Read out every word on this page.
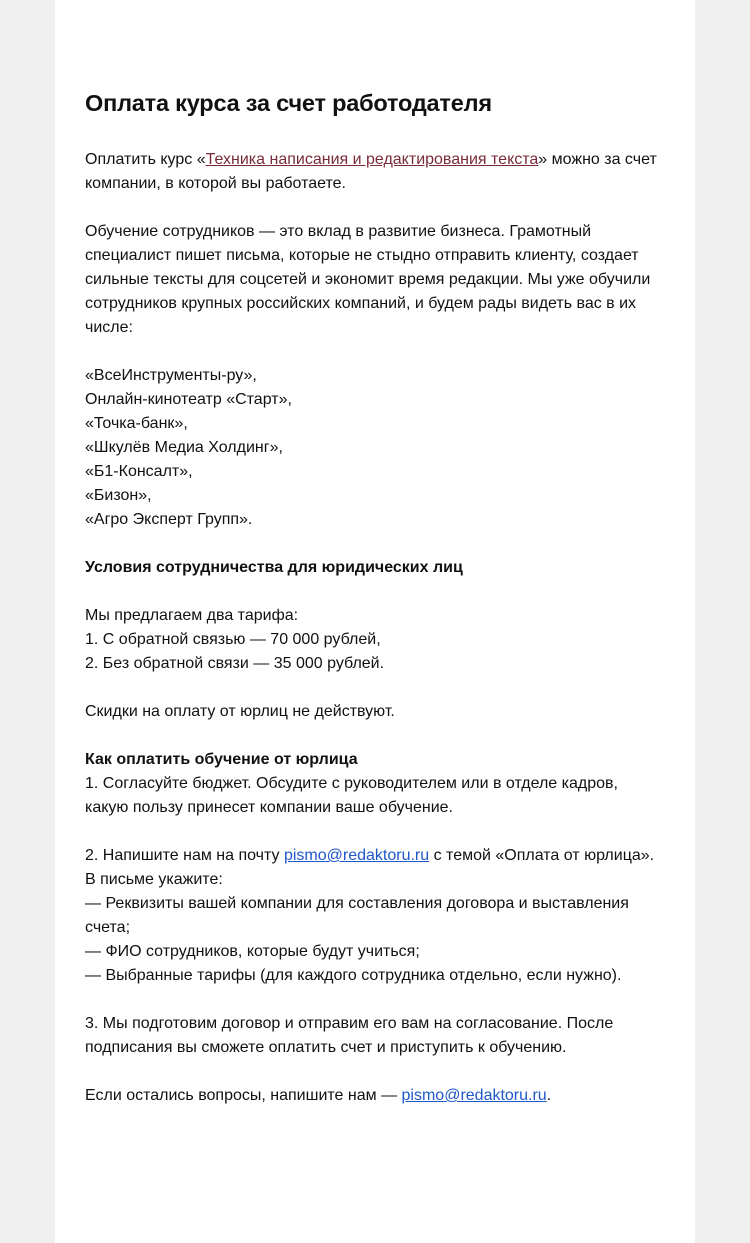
Оплата курса за счет работодателя

Оплатить курс «Техника написания и редактирования текста» можно за счет компании, в которой вы работаете.

Обучение сотрудников — это вклад в развитие бизнеса. Грамотный специалист пишет письма, которые не стыдно отправить клиенту, создает сильные тексты для соцсетей и экономит время редакции. Мы уже обучили сотрудников крупных российских компаний, и будем рады видеть вас в их числе:

«ВсеИнструменты-ру»,
Онлайн-кинотеатр «Старт»,
«Точка-банк»,
«Шкулёв Медиа Холдинг»,
«Б1-Консалт»,
«Бизон»,
«Агро Эксперт Групп».

Условия сотрудничества для юридических лиц

Мы предлагаем два тарифа:
1. С обратной связью — 70 000 рублей,
2. Без обратной связи — 35 000 рублей.

Скидки на оплату от юрлиц не действуют.

Как оплатить обучение от юрлица
1. Согласуйте бюджет. Обсудите с руководителем или в отделе кадров, какую пользу принесет компании ваше обучение.
2. Напишите нам на почту pismo@redaktoru.ru с темой «Оплата от юрлица».
В письме укажите:
— Реквизиты вашей компании для составления договора и выставления счета;
— ФИО сотрудников, которые будут учиться;
— Выбранные тарифы (для каждого сотрудника отдельно, если нужно).

3. Мы подготовим договор и отправим его вам на согласование. После подписания вы сможете оплатить счет и приступить к обучению.

Если остались вопросы, напишите нам — pismo@redaktoru.ru.
